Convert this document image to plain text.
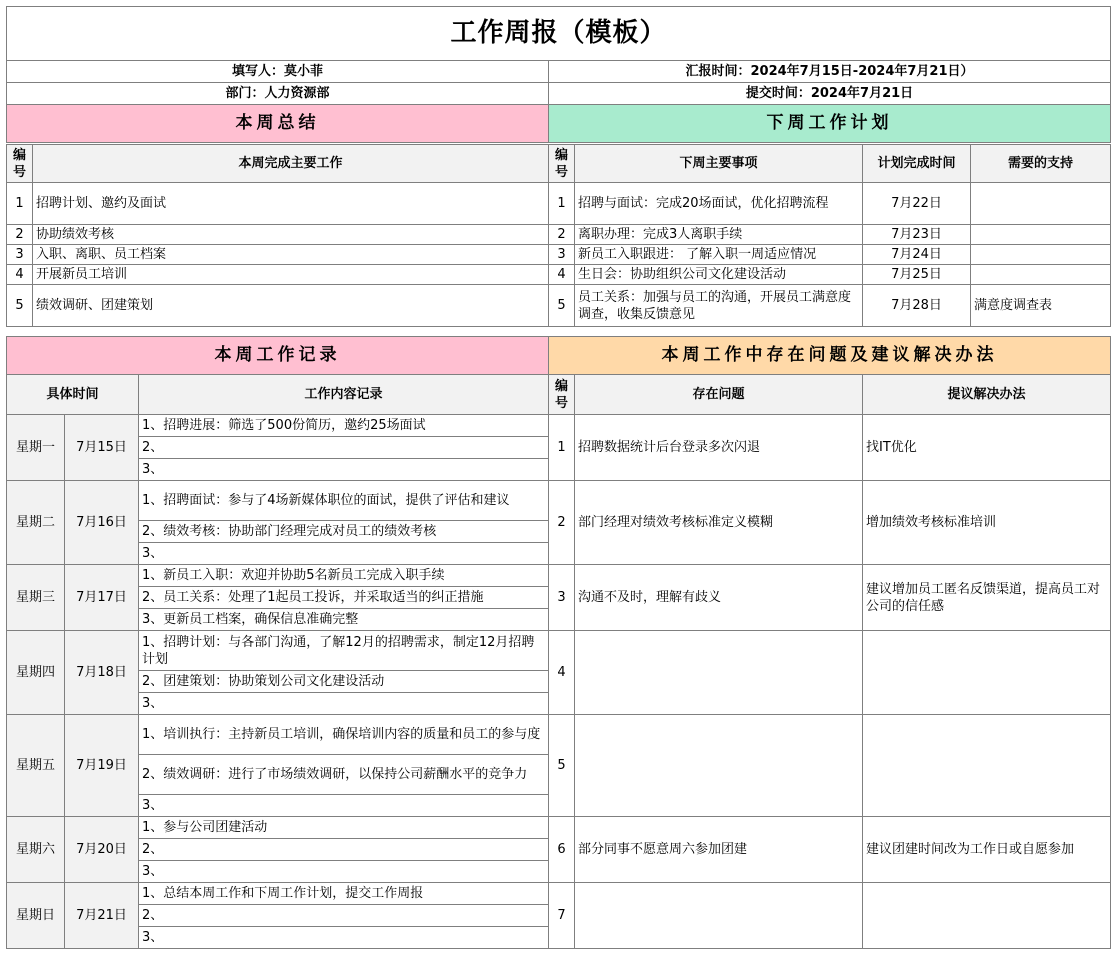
工作周报（模板）	
填写人：莫小菲	汇报时间：2024年7月15日-2024年7月21日）
部门：人力资源部	提交时间：2024年7月21日
本周总结	下周工作计划
编号	本周完成主要工作
1	招聘计划、邀约及面试
2	协助绩效考核
3	入职、离职、员工档案
4	开展新员工培训
5	绩效调研、团建策划
编号	下周主要事项	计划完成时间	需要的支持
1	招聘与面试：完成20场面试，优化招聘流程	7月22日	
2	离职办理：完成3人离职手续	7月23日	
3	新员工入职跟进： 了解入职一周适应情况	7月24日	
4	生日会：协助组织公司文化建设活动	7月25日	
5	员工关系：加强与员工的沟通，开展员工满意度调查，收集反馈意见	7月28日	满意度调查表
本周工作记录	本周工作中存在问题及建议解决办法
具体时间		工作内容记录
星期一	7月15日	1、招聘进展：筛选了500份简历，邀约25场面试
		2、
		3、
星期二	7月16日	1、招聘面试：参与了4场新媒体职位的面试，提供了评估和建议
		2、绩效考核：协助部门经理完成对员工的绩效考核
		3、
星期三	7月17日	1、新员工入职：欢迎并协助5名新员工完成入职手续
		2、员工关系：处理了1起员工投诉，并采取适当的纠正措施
		3、更新员工档案，确保信息准确完整
星期四	7月18日	1、招聘计划：与各部门沟通，了解12月的招聘需求，制定12月招聘计划
		2、团建策划：协助策划公司文化建设活动
		3、
星期五	7月19日	1、培训执行：主持新员工培训，确保培训内容的质量和员工的参与度
		2、绩效调研：进行了市场绩效调研，以保持公司薪酬水平的竞争力
		3、
星期六	7月20日	1、参与公司团建活动
		2、
		3、
星期日	7月21日	1、总结本周工作和下周工作计划，提交工作周报
		2、
		3、
编号	存在问题	提议解决办法
1	招聘数据统计后台登录多次闪退	找IT优化
2	部门经理对绩效考核标准定义模糊	增加绩效考核标准培训
3	沟通不及时，理解有歧义	建议增加员工匿名反馈渠道，提高员工对公司的信任感
4		
5		
6	部分同事不愿意周六参加团建	建议团建时间改为工作日或自愿参加
7		
